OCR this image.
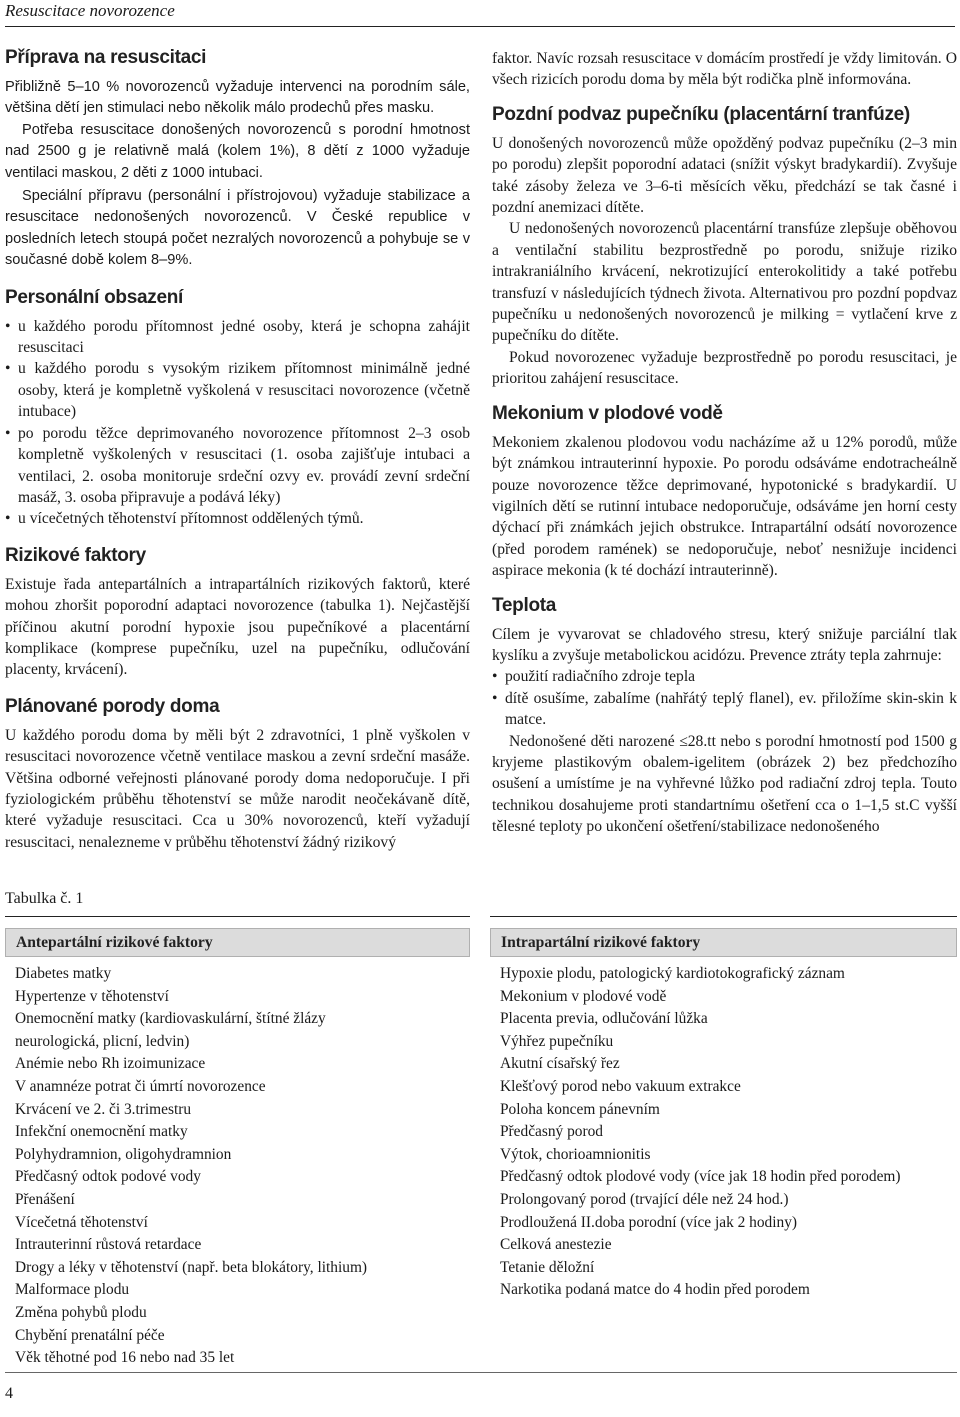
Resuscitace novorozence
Příprava na resuscitaci

Přibližně 5–10 % novorozenců vyžaduje intervenci na porodním sále, většina dětí jen stimulaci nebo několik málo prodechů přes masku.

Potřeba resuscitace donošených novorozenců s porodní hmotnost nad 2500 g je relativně malá (kolem 1%), 8 dětí z 1000 vyžaduje ventilaci maskou, 2 děti z 1000 intubaci.

Speciální přípravu (personální i přístrojovou) vyžaduje stabilizace a resuscitace nedonošených novorozenců. V České republice v posledních letech stoupá počet nezralých novorozenců a pohybuje se v současné době kolem 8–9%.

Personální obsazení
• u každého porodu přítomnost jedné osoby, která je schopna zahájit resuscitaci
• u každého porodu s vysokým rizikem přítomnost minimálně jedné osoby, která je kompletně vyškolená v resuscitaci novorozence (včetně intubace)
• po porodu těžce deprimovaného novorozence přítomnost 2–3 osob kompletně vyškolených v resuscitaci (1. osoba zajišťuje intubaci a ventilaci, 2. osoba monitoruje srdeční ozvy ev. provádí zevní srdeční masáž, 3. osoba připravuje a podává léky)
• u vícečetných těhotenství přítomnost oddělených týmů.
Rizikové faktory

Existuje řada antepartálních a intrapartálních rizikových faktorů, které mohou zhoršit poporodní adaptaci novorozence (tabulka 1). Nejčastější příčinou akutní porodní hypoxie jsou pupečníkové a placentární komplikace (komprese pupečníku, uzel na pupečníku, odlučování placenty, krvácení).

Plánované porody doma

U každého porodu doma by měli být 2 zdravotníci, 1 plně vyškolen v resuscitaci novorozence včetně ventilace maskou a zevní srdeční masáže. Většina odborné veřejnosti plánované porody doma nedoporučuje. I při fyziologickém průběhu těhotenství se může narodit neočekávaně dítě, které vyžaduje resuscitaci. Cca u 30% novorozenců, kteří vyžadují resuscitaci, nenalezneme v průběhu těhotenství žádný rizikový

faktor. Navíc rozsah resuscitace v domácím prostředí je vždy limitován. O všech rizicích porodu doma by měla být rodička plně informována.

Pozdní podvaz pupečníku (placentární tranfúze)

U donošených novorozenců může opožděný podvaz pupečníku (2–3 min po porodu) zlepšit poporodní adataci (snížit výskyt bradykardií). Zvyšuje také zásoby železa ve 3–6-ti měsících věku, předchází se tak časné i pozdní anemizaci dítěte.

U nedonošených novorozenců placentární transfúze zlepšuje oběhovou a ventilační stabilitu bezprostředně po porodu, snižuje riziko intrakraniálního krvácení, nekrotizující enterokolitidy a také potřebu transfuzí v následujících týdnech života. Alternativou pro pozdní popdvaz pupečníku u nedonošených novorozenců je milking = vytlačení krve z pupečníku do dítěte.

Pokud novorozenec vyžaduje bezprostředně po porodu resuscitaci, je prioritou zahájení resuscitace.

Mekonium v plodové vodě

Mekoniem zkalenou plodovou vodu nacházíme až u 12% porodů, může být známkou intrauterinní hypoxie. Po porodu odsáváme endotracheálně pouze novorozence těžce deprimované, hypotonické s bradykardií. U vigilních dětí se rutinní intubace nedoporučuje, odsáváme jen horní cesty dýchací při známkách jejich obstrukce. Intrapartální odsátí novorozence (před porodem ramének) se nedoporučuje, neboť nesnižuje incidenci aspirace mekonia (k té dochází intrauterinně).

Teplota

Cílem je vyvarovat se chladového stresu, který snižuje parciální tlak kyslíku a zvyšuje metabolickou acidózu. Prevence ztráty tepla zahrnuje:

• použití radiačního zdroje tepla
• dítě osušíme, zabalíme (nahřátý teplý flanel), ev. přiložíme skin-skin k matce.

Nedonošené děti narozené ≤28.tt nebo s porodní hmotností pod 1500 g kryjeme plastikovým obalem-igelitem (obrázek 2) bez předchozího osušení a umístíme je na vyhřevné lůžko pod radiační zdroj tepla. Touto technikou dosahujeme proti standartnímu ošetření cca o 1–1,5 st.C vyšší tělesné teploty po ukončení ošetření/stabilizace nedonošeného

Tabulka č. 1
Antepartální rizikové faktory
Diabetes matky
Hypertenze v těhotenství
Onemocnění matky (kardiovaskulární, štítné žlázy
neurologická, plicní, ledvin)
Anémie nebo Rh izoimunizace
V anamnéze potrat či úmrtí novorozence
Krvácení ve 2. či 3.trimestru
Infekční onemocnění matky
Polyhydramnion, oligohydramnion
Předčasný odtok podové vody
Přenášení
Vícečetná těhotenství
Intrauterinní růstová retardace
Drogy a léky v těhotenství (např. beta blokátory, lithium)
Malformace plodu
Změna pohybů plodu
Chybění prenatální péče
Věk těhotné pod 16 nebo nad 35 let
Intrapartální rizikové faktory
Hypoxie plodu, patologický kardiotokografický záznam
Mekonium v plodové vodě
Placenta previa, odlučování lůžka
Výhřez pupečníku
Akutní císařský řez
Klešťový porod nebo vakuum extrakce
Poloha koncem pánevním
Předčasný porod
Výtok, chorioamnionitis
Předčasný odtok plodové vody (více jak 18 hodin před porodem)
Prolongovaný porod (trvající déle než 24 hod.)
Prodloužená II.doba porodní (více jak 2 hodiny)
Celková anestezie
Tetanie děložní
Narkotika podaná matce do 4 hodin před porodem
4
